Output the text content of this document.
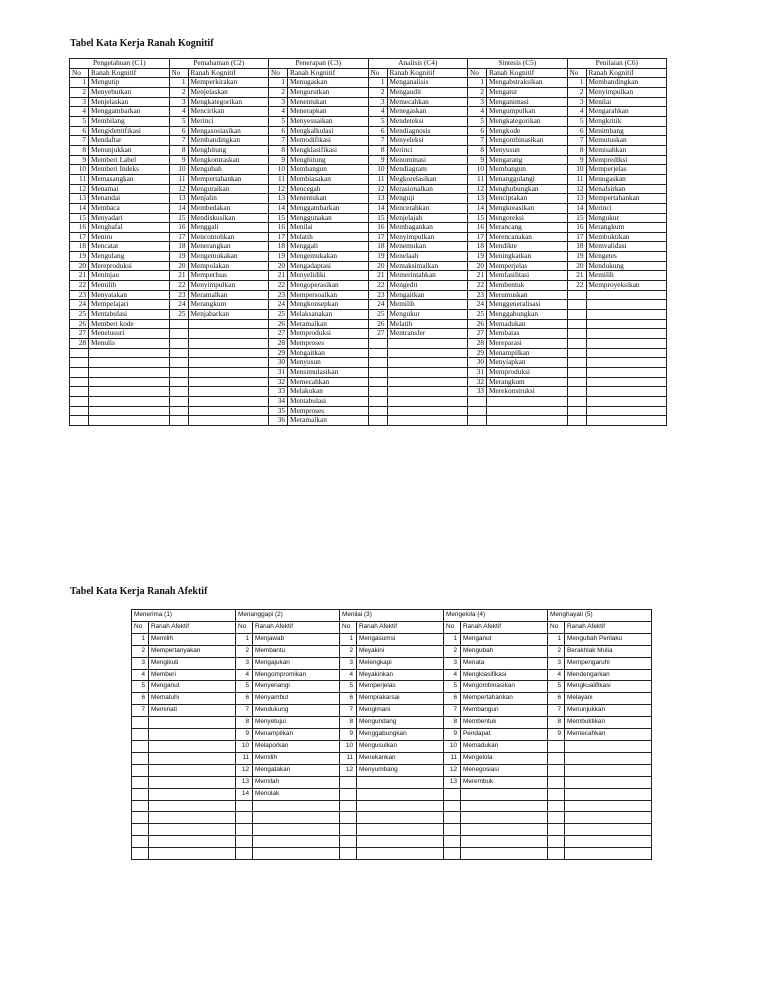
Tabel Kata Kerja Ranah Kognitif
Pengetahuan (C1)		Pemahaman (C2)		Penerapan (C3)		Analisis (C4)		Sintesis (C5)		Penilaian (C6)	
No	Ranah Kognitif	No	Ranah Kognitif	No	Ranah Kognitif	No	Ranah Kognitif	No	Ranah Kognitif	No	Ranah Kognitif
1	Mengutip	1	Memperkirakan	1	Menugaskan	1	Menganalisis	1	Mengabstraksikan	1	Membandingkan
2	Menyebutkan	2	Menjelaskan	2	Mengurutkan	2	Mengaudit	2	Mengatur	2	Menyimpulkan
3	Menjelaskan	3	Mengkategorikan	3	Menentukan	3	Memecahkan	3	Menganimasi	3	Menilai
4	Menggambarkan	4	Mencirikan	4	Menerapkan	4	Menegaskan	4	Mengumpulkan	4	Mengarahkan
5	Membilang	5	Merinci	5	Menyesuaikan	5	Mendeteksi	5	Mengkategorikan	5	Mengkritik
6	Mengidentifikasi	6	Mengasosiasikan	6	Mengkalkulasi	6	Mendiagnosis	6	Mengkode	6	Menimbang
7	Mendaftar	7	Membandingkan	7	Memodifikasi	7	Menyeleksi	7	Mengombinasikan	7	Memutuskan
8	Menunjukkan	8	Menghitung	8	Mengklasifikasi	8	Merinci	8	Menyusun	8	Memisahkan
9	Memberi Label	9	Mengkontraskan	9	Menghitung	9	Menominasi	9	Mengarang	9	Memprediksi
10	Memberi Indeks	10	Mengubah	10	Membangun	10	Mendiagram	10	Membangun	10	Memperjelas
11	Memasangkan	11	Mempertahankan	11	Membiasakan	11	Megkorelasikan	11	Menanggulangi	11	Menugaskan
12	Menamai	12	Menguraikan	12	Mencegah	12	Merasionalkan	12	Menghubungkan	12	Menafsirkan
13	Menandai	13	Menjalin	13	Menentukan	13	Menguji	13	Menciptakan	13	Mempertahankan
14	Membaca	14	Membedakan	14	Menggambarkan	14	Mencerahkan	14	Mengkreasikan	14	Merinci
15	Menyadari	15	Mendiskusikan	15	Menggunakan	15	Menjelajah	15	Mengoreksi	15	Mengukur
16	Menghafal	16	Menggali	16	Menilai	16	Membagankan	16	Merancang	16	Merangkum
17	Meniru	17	Mencontohkan	17	Melatih	17	Menyimpulkan	17	Merencanakan	17	Membuktikan
18	Mencatat	18	Menerangkan	18	Menggali	18	Menemukan	18	Mendikte	18	Memvalidasi
19	Mengulang	19	Mengemukakan	19	Mengemukakan	19	Menelaah	19	Meningkatkan	19	Mengetes
20	Mereproduksi	20	Mempolakan	20	Mengadaptasi	20	Memaksimalkan	20	Memperjelas	20	Mendukung
21	Meninjau	21	Memperluas	21	Menyelidiki	21	Memerintahkan	21	Memfasilitasi	21	Memilih
22	Memilih	22	Menyimpulkan	22	Mengoperasikan	22	Mengedit	22	Membentuk	22	Memproyeksikan
23	Menyatakan	23	Meramalkan	23	Mempersoalkan	23	Mengaitkan	23	Merumuskan		
24	Mempelajari	24	Merangkum	24	Mengkonsepkan	24	Memilih	24	Menggeneralisasi		
25	Mentabulasi	25	Menjabarkan	25	Melaksanakan	25	Mengukur	25	Menggabungkan		
26	Memberi kode			26	Meramalkan	26	Melatih	26	Memadukan		
27	Menelusuri			27	Memproduksi	27	Mentransfer	27	Membatas		
28	Menulis			28	Memproses			28	Mereparasi		
				29	Mengaitkan			29	Menampilkan		
				30	Menyusun			30	Menyiapkan		
				31	Mensimulasikan			31	Memproduksi		
				32	Memecahkan			32	Merangkum		
				33	Melakukan			33	Merekonstruksi		
				34	Mentabulasi						
				35	Memproses						
				36	Meramalkan						
Tabel Kata Kerja Ranah Afektif
Menerima (1)		Menanggapi (2)		Menilai (3)		Mengelola (4)		Menghayati (5)	
No	Ranah Afektif	No	Ranah Afektif	No	Ranah Afektif	No	Ranah Afektif	No	Ranah Afektif
1	Memilih	1	Menjawab	1	Mengasumsi	1	Menganut	1	Mengubah Perilaku
2	Mempertanyakan	2	Membantu	2	Meyakini	2	Mengubah	2	Berakhlak Mulia
3	Mengikuti	3	Mengajukan	3	Melengkapi	3	Menata	3	Mempengaruhi
4	Memberi	4	Mengompromikan	4	Meyakinkan	4	Mengklasifikasi	4	Mendengarkan
5	Menganut	5	Menyenangi	5	Memperjelas	5	Mengombinasikan	5	Mengkualifikasi
6	Mematuhi	6	Menyambut	6	Memprakarsai	6	Mempertahankan	6	Melayani
7	Meminati	7	Mendukung	7	Mengimani	7	Membangun	7	Menunjukkan
		8	Menyetujui	8	Mengundang	8	Membentuk	8	Membuktikan
		9	Menampilkan	9	Menggabungkan	9	Pendapat	9	Memecahkan
		10	Melaporkan	10	Mengusulkan	10	Memadukan		
		11	Memilih	11	Menekankan	11	Mengelola		
		12	Mengatakan	12	Menyumbang	12	Menegosiasi		
		13	Memilah			13	Merembuk		
		14	Menolak						
